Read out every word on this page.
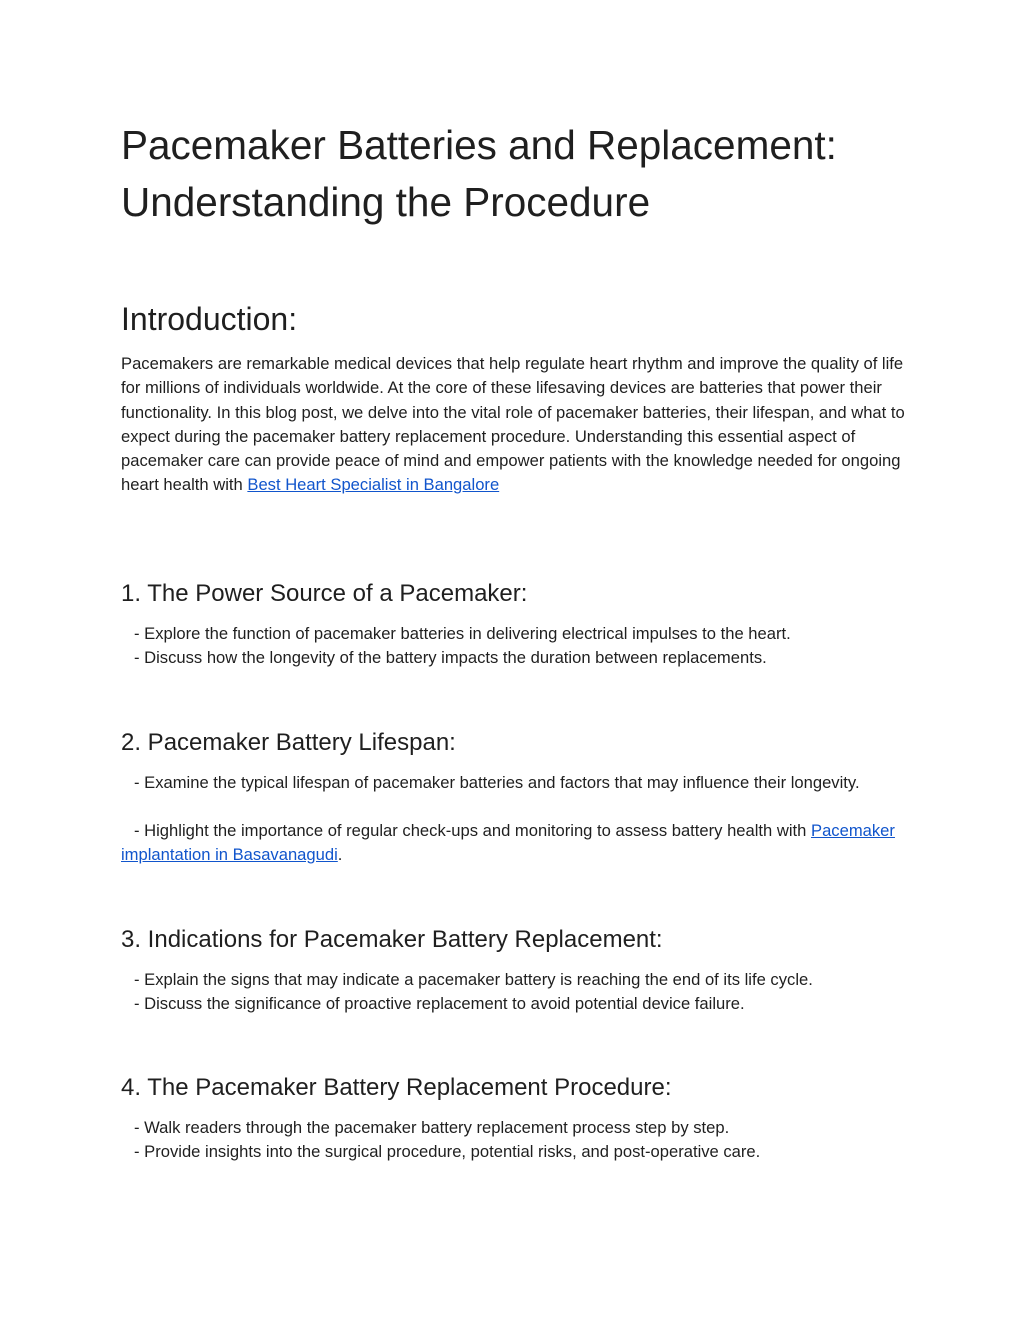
Pacemaker Batteries and Replacement:
Understanding the Procedure
Introduction:

Pacemakers are remarkable medical devices that help regulate heart rhythm and improve the quality of life for millions of individuals worldwide. At the core of these lifesaving devices are batteries that power their functionality. In this blog post, we delve into the vital role of pacemaker batteries, their lifespan, and what to expect during the pacemaker battery replacement procedure. Understanding this essential aspect of pacemaker care can provide peace of mind and empower patients with the knowledge needed for ongoing heart health with Best Heart Specialist in Bangalore

1. The Power Source of a Pacemaker:

- Explore the function of pacemaker batteries in delivering electrical impulses to the heart.

- Discuss how the longevity of the battery impacts the duration between replacements.

2. Pacemaker Battery Lifespan:

- Examine the typical lifespan of pacemaker batteries and factors that may influence their longevity.

- Highlight the importance of regular check-ups and monitoring to assess battery health with Pacemaker implantation in Basavanagudi.

3. Indications for Pacemaker Battery Replacement:

- Explain the signs that may indicate a pacemaker battery is reaching the end of its life cycle.

- Discuss the significance of proactive replacement to avoid potential device failure.

4. The Pacemaker Battery Replacement Procedure:

- Walk readers through the pacemaker battery replacement process step by step.

- Provide insights into the surgical procedure, potential risks, and post-operative care.
